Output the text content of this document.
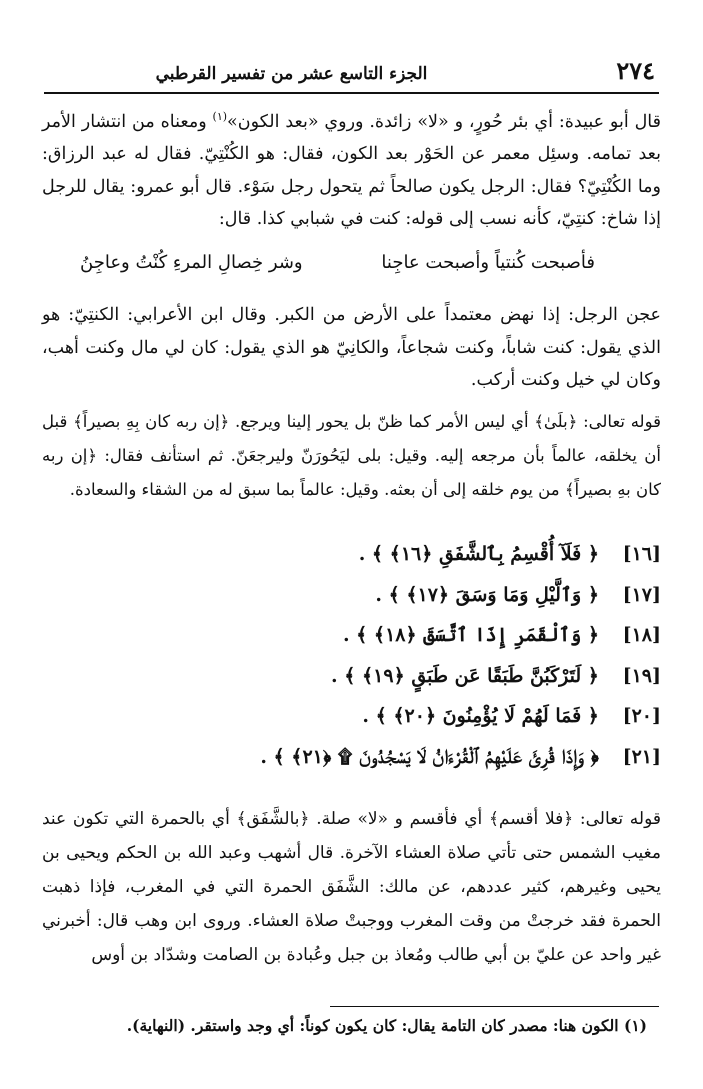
٢٧٤
الجزء التاسع عشر من تفسير القرطبي

قال أبو عبيدة: أي بئر حُورٍ، و «لا» زائدة. وروي «بعد الكون»$^{(١)}$ ومعناه من انتشار الأمر بعد تمامه. وسئِل معمر عن الحَوْر بعد الكون، فقال: هو الكُنْتِيّ. فقال له عبد الرزاق: وما الكُنْتِيّ؟ فقال: الرجل يكون صالحاً ثم يتحول رجل سَوْء. قال أبو عمرو: يقال للرجل إذا شاخ: كنتِيّ، كأنه نسب إلى قوله: كنت في شبابي كذا. قال:

فأصبحت كُنتياً وأصبحت عاجِنا
وشر خِصالِ المرءِ كُنْتُ وعاجِنُ

عجن الرجل: إذا نهض معتمداً على الأرض من الكبر. وقال ابن الأعرابي: الكنتِيّ: هو الذي يقول: كنت شاباً، وكنت شجاعاً، والكانِيّ هو الذي يقول: كان لي مال وكنت أهب، وكان لي خيل وكنت أركب.

قوله تعالى: ﴿بلَىٰ﴾ أي ليس الأمر كما ظنّ بل يحور إلينا ويرجع. ﴿إن ربه كان بِهِ بصيراً﴾ قبل أن يخلقه، عالماً بأن مرجعه إليه. وقيل: بلى ليَحُورَنّ وليرجعَنّ. ثم استأنف فقال: ﴿إن ربه كان بهِ بصيراً﴾ من يوم خلقه إلى أن بعثه. وقيل: عالماً بما سبق له من الشقاء والسعادة.

[١٦] ﴿ فَلَآ أُقْسِمُ بِٱلشَّفَقِ ﴿١٦﴾ ﴾ .
[١٧] ﴿ وَٱلَّيْلِ وَمَا وَسَقَ ﴿١٧﴾ ﴾ .
[١٨] ﴿ وَٱلْقَمَرِ إِذَا ٱتَّسَقَ ﴿١٨﴾ ﴾ .
[١٩] ﴿ لَتَرْكَبُنَّ طَبَقًا عَن طَبَقٍ ﴿١٩﴾ ﴾ .
[٢٠] ﴿ فَمَا لَهُمْ لَا يُؤْمِنُونَ ﴿٢٠﴾ ﴾ .
[٢١] ﴿ وَإِذَا قُرِئَ عَلَيْهِمُ ٱلْقُرْءَانُ لَا يَسْجُدُونَ ۩ ﴿٢١﴾ ﴾ .

قوله تعالى: ﴿فلا أقسم﴾ أي فأقسم و «لا» صلة. ﴿بالشَّفَق﴾ أي بالحمرة التي تكون عند مغيب الشمس حتى تأتي صلاة العشاء الآخرة. قال أشهب وعبد الله بن الحكم ويحيى بن يحيى وغيرهم، كثير عددهم، عن مالك: الشَّفَق الحمرة التي في المغرب، فإذا ذهبت الحمرة فقد خرجتْ من وقت المغرب ووجبتْ صلاة العشاء. وروى ابن وهب قال: أخبرني غير واحد عن عليّ بن أبي طالب ومُعاذ بن جبل وعُبادة بن الصامت وشدّاد بن أوس

(١) الكون هنا: مصدر كان التامة يقال: كان يكون كوناً: أي وجد واستقر. (النهاية).
